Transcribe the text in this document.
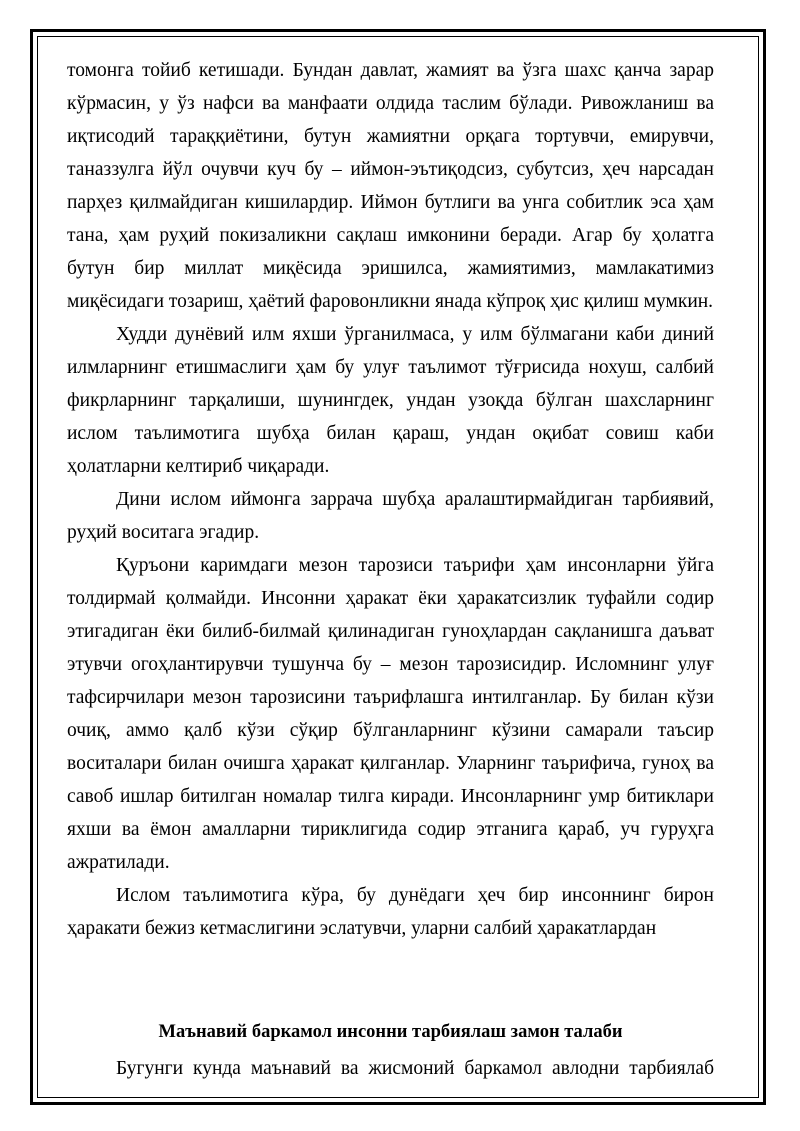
томонга тойиб кетишади. Бундан давлат, жамият ва ўзга шахс қанча зарар кўрмасин, у ўз нафси ва манфаати олдида таслим бўлади. Ривожланиш ва иқтисодий тараққиётини, бутун жамиятни орқага тортувчи, емирувчи, таназзулга йўл очувчи куч бу – иймон-эътиқодсиз, субутсиз, ҳеч нарсадан парҳез қилмайдиган кишилардир. Иймон бутлиги ва унга собитлик эса ҳам тана, ҳам руҳий покизаликни сақлаш имконини беради. Агар бу ҳолатга бутун бир миллат миқёсида эришилса, жамиятимиз, мамлакатимиз миқёсидаги тозариш, ҳаётий фаровонликни янада кўпроқ ҳис қилиш мумкин.

Худди дунёвий илм яхши ўрганилмаса, у илм бўлмагани каби диний илмларнинг етишмаслиги ҳам бу улуғ таълимот тўғрисида нохуш, салбий фикрларнинг тарқалиши, шунингдек, ундан узоқда бўлган шахсларнинг ислом таълимотига шубҳа билан қараш, ундан оқибат совиш каби ҳолатларни келтириб чиқаради.

Дини ислом иймонга заррача шубҳа аралаштирмайдиган тарбиявий, руҳий воситага эгадир.

Қуръони каримдаги мезон тарозиси таърифи ҳам инсонларни ўйга толдирмай қолмайди. Инсонни ҳаракат ёки ҳаракатсизлик туфайли содир этигадиган ёки билиб-билмай қилинадиган гуноҳлардан сақланишга даъват этувчи огоҳлантирувчи тушунча бу – мезон тарозисидир. Исломнинг улуғ тафсирчилари мезон тарозисини таърифлашга интилганлар. Бу билан кўзи очиқ, аммо қалб кўзи сўқир бўлганларнинг кўзини самарали таъсир воситалари билан очишга ҳаракат қилганлар. Уларнинг таърифича, гуноҳ ва савоб ишлар битилган номалар тилга киради. Инсонларнинг умр битиклари яхши ва ёмон амалларни тириклигида содир этганига қараб, уч гуруҳга ажратилади.

Ислом таълимотига кўра, бу дунёдаги ҳеч бир инсоннинг бирон ҳаракати бежиз кетмаслигини эслатувчи, уларни салбий ҳаракатлардан

Маънавий баркамол инсонни тарбиялаш замон талаби

Бугунги кунда маънавий ва жисмоний баркамол авлодни тарбиялаб
